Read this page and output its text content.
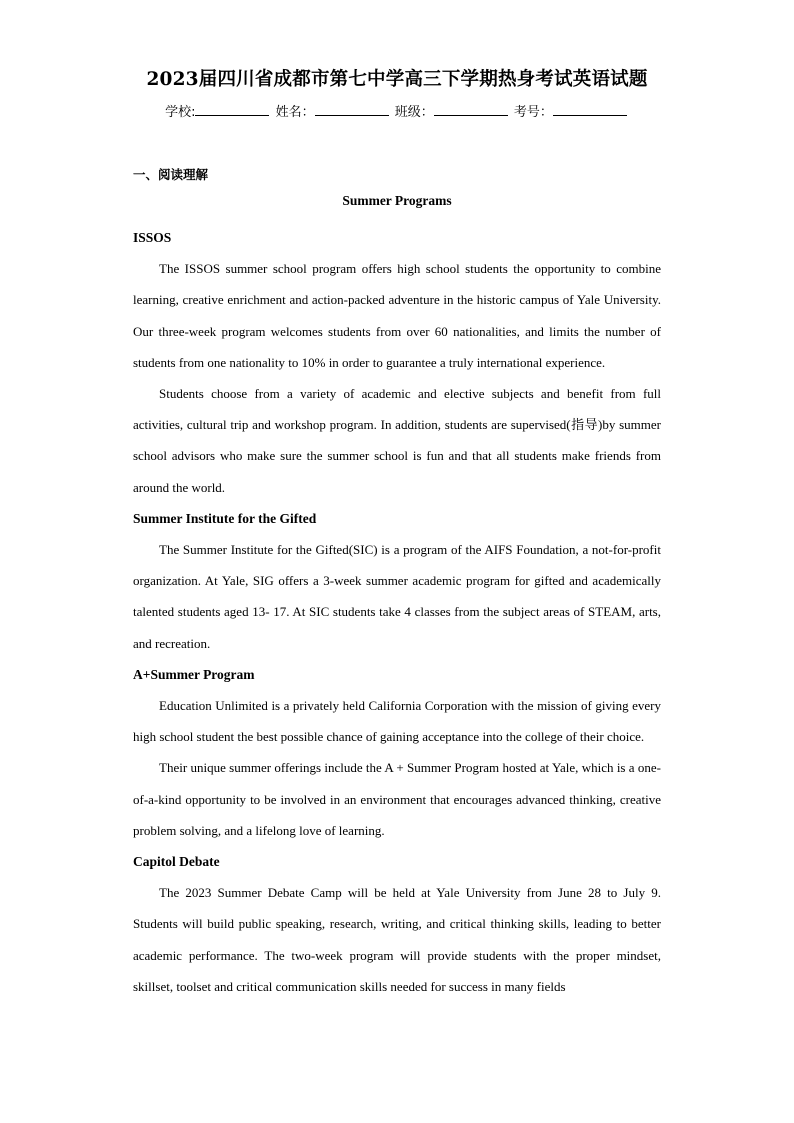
2023届四川省成都市第七中学高三下学期热身考试英语试题
学校:	姓名：	班级：	考号：
一、阅读理解
Summer Programs
ISSOS

The ISSOS summer school program offers high school students the opportunity to combine learning, creative enrichment and action-packed adventure in the historic campus of Yale University. Our three-week program welcomes students from over 60 nationalities, and limits the number of students from one nationality to 10% in order to guarantee a truly international experience.

Students choose from a variety of academic and elective subjects and benefit from full activities, cultural trip and workshop program. In addition, students are supervised(指导)by summer school advisors who make sure the summer school is fun and that all students make friends from around the world.

Summer Institute for the Gifted

The Summer Institute for the Gifted(SIC) is a program of the AIFS Foundation, a not-for-profit organization. At Yale, SIG offers a 3-week summer academic program for gifted and academically talented students aged 13- 17. At SIC students take 4 classes from the subject areas of STEAM, arts, and recreation.

A+Summer Program

Education Unlimited is a privately held California Corporation with the mission of giving every high school student the best possible chance of gaining acceptance into the college of their choice.

Their unique summer offerings include the A + Summer Program hosted at Yale, which is a one-of-a-kind opportunity to be involved in an environment that encourages advanced thinking, creative problem solving, and a lifelong love of learning.

Capitol Debate

The 2023 Summer Debate Camp will be held at Yale University from June 28 to July 9. Students will build public speaking, research, writing, and critical thinking skills, leading to better academic performance. The two-week program will provide students with the proper mindset, skillset, toolset and critical communication skills needed for success in many fields
